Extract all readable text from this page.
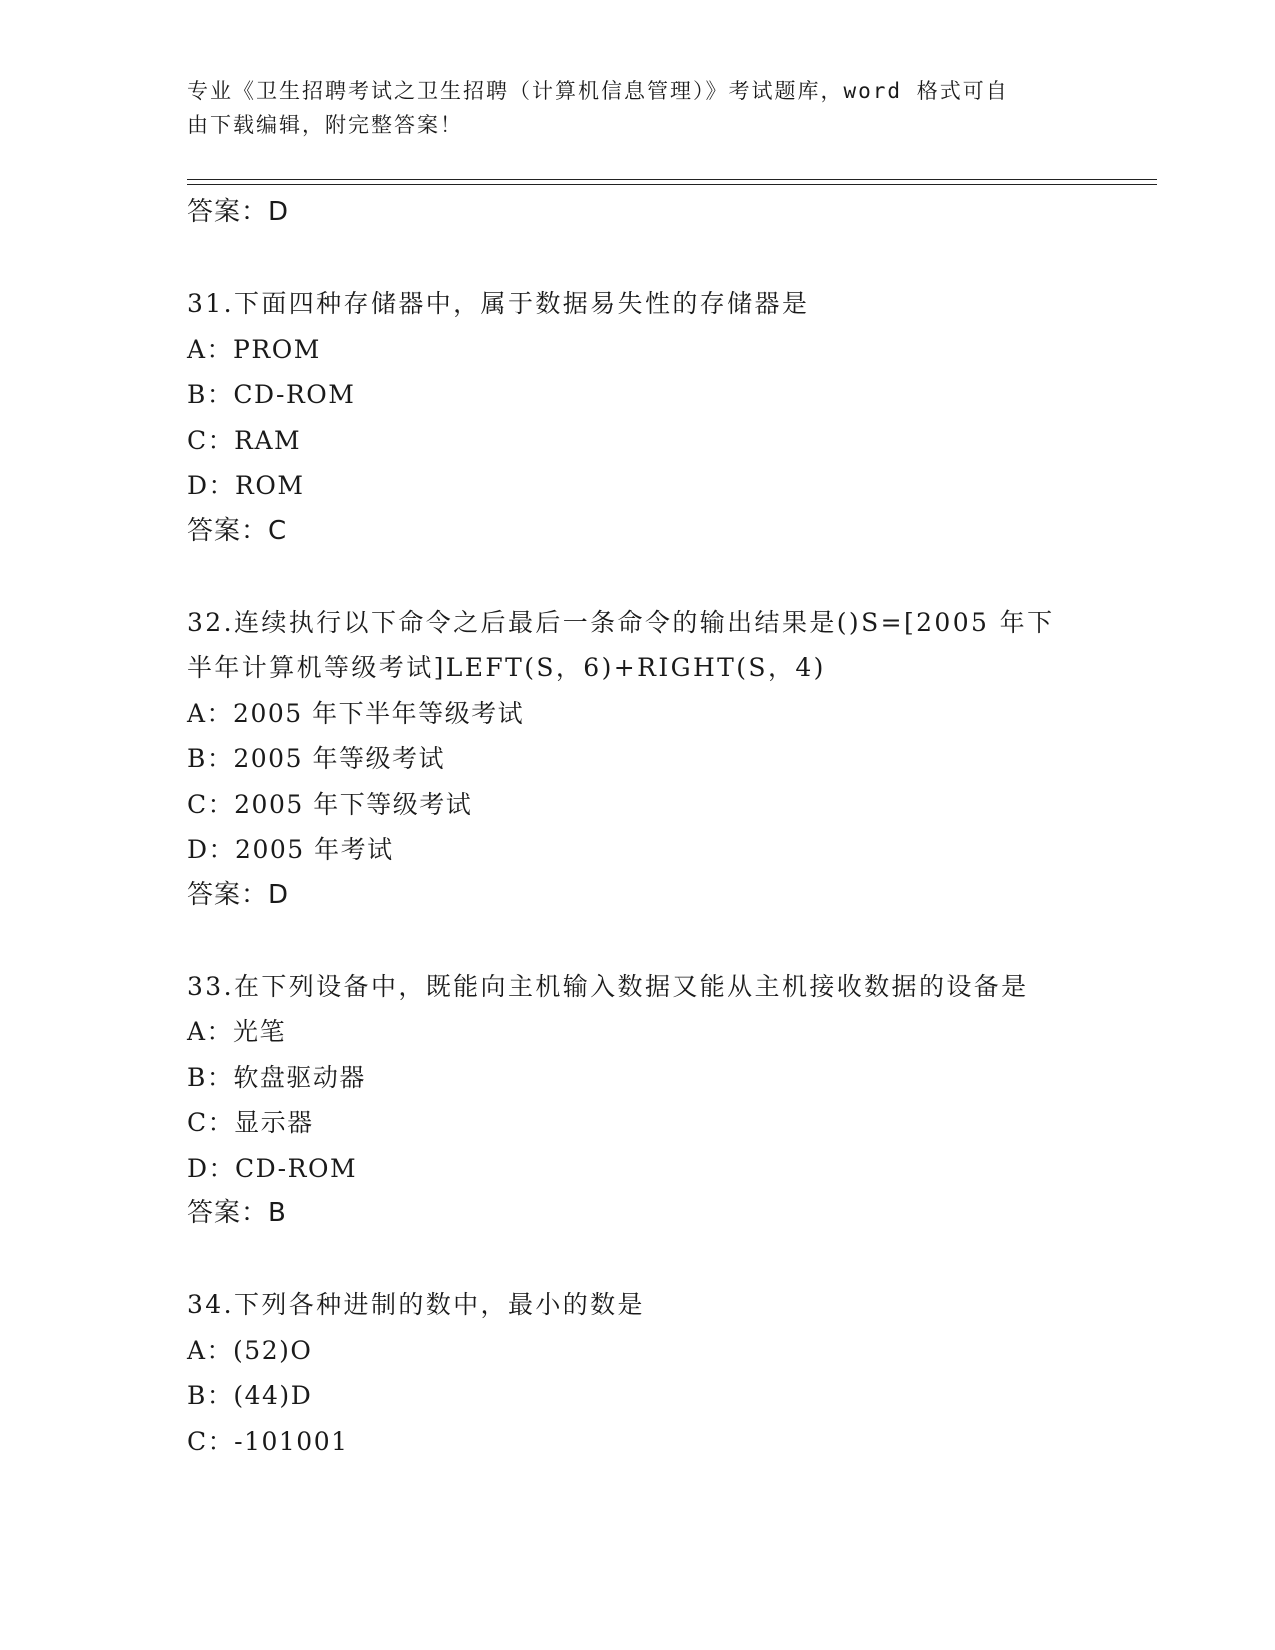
专业《卫生招聘考试之卫生招聘（计算机信息管理）》考试题库，word 格式可自
由下载编辑，附完整答案！
答案：D
31.下面四种存储器中，属于数据易失性的存储器是
A：PROM
B：CD-ROM
C：RAM
D：ROM
答案：C
32.连续执行以下命令之后最后一条命令的输出结果是()S=[2005 年下
半年计算机等级考试]LEFT(S，6)+RIGHT(S，4)
A：2005 年下半年等级考试
B：2005 年等级考试
C：2005 年下等级考试
D：2005 年考试
答案：D
33.在下列设备中，既能向主机输入数据又能从主机接收数据的设备是
A：光笔
B：软盘驱动器
C：显示器
D：CD-ROM
答案：B
34.下列各种进制的数中，最小的数是
A：(52)O
B：(44)D
C：-101001
